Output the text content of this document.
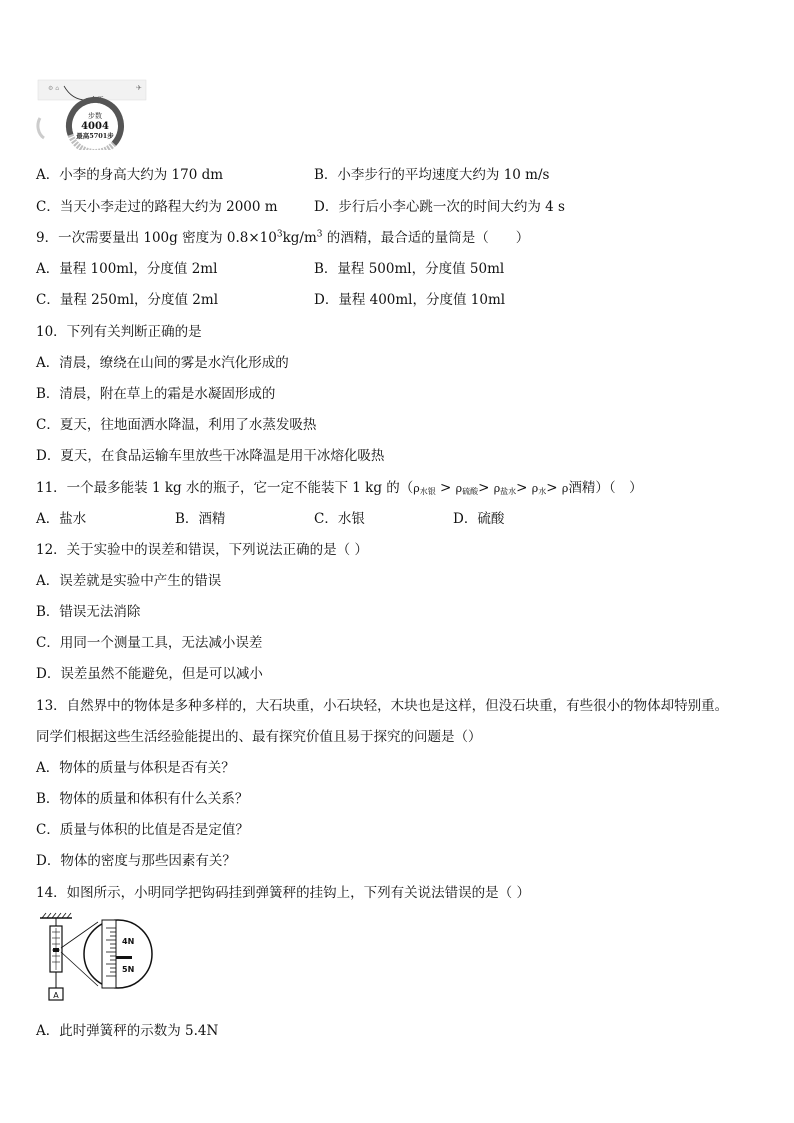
⚙ ⌂	✈
今天
步数
4004
最高5701步
A．小李的身高大约为 170 dm	B．小李步行的平均速度大约为 10 m/s
C．当天小李走过的路程大约为 2000 m	D．步行后小李心跳一次的时间大约为 4 s
9．一次需要量出 100g 密度为 $0.8\times 10^3kg/m^3$ 的酒精，最合适的量筒是（　　）
A．量程 100ml，分度值 2ml	B．量程 500ml，分度值 50ml
C．量程 250ml，分度值 2ml	D．量程 400ml，分度值 10ml
10．下列有关判断正确的是
A．清晨，缭绕在山间的雾是水汽化形成的
B．清晨，附在草上的霜是水凝固形成的
C．夏天，往地面洒水降温，利用了水蒸发吸热
D．夏天，在食品运输车里放些干冰降温是用干冰熔化吸热
11．一个最多能装 1 kg 水的瓶子，它一定不能装下 1 kg 的（$\rho_{水银} > \rho_{硫酸}> \rho_{盐水}> \rho_水> \rho$酒精）（　）
A．盐水	B．酒精	C．水银	D．硫酸
12．关于实验中的误差和错误，下列说法正确的是（ ）
A．误差就是实验中产生的错误
B．错误无法消除
C．用同一个测量工具，无法减小误差
D．误差虽然不能避免，但是可以减小
13．自然界中的物体是多种多样的，大石块重，小石块轻，木块也是这样，但没石块重，有些很小的物体却特别重。
同学们根据这些生活经验能提出的、最有探究价值且易于探究的问题是（）
A．物体的质量与体积是否有关？
B．物体的质量和体积有什么关系？
C．质量与体积的比值是否是定值？
D．物体的密度与那些因素有关？
14．如图所示，小明同学把钩码挂到弹簧秤的挂钩上，下列有关说法错误的是（ ）
A
4N
5N
A．此时弹簧秤的示数为 5.4N
